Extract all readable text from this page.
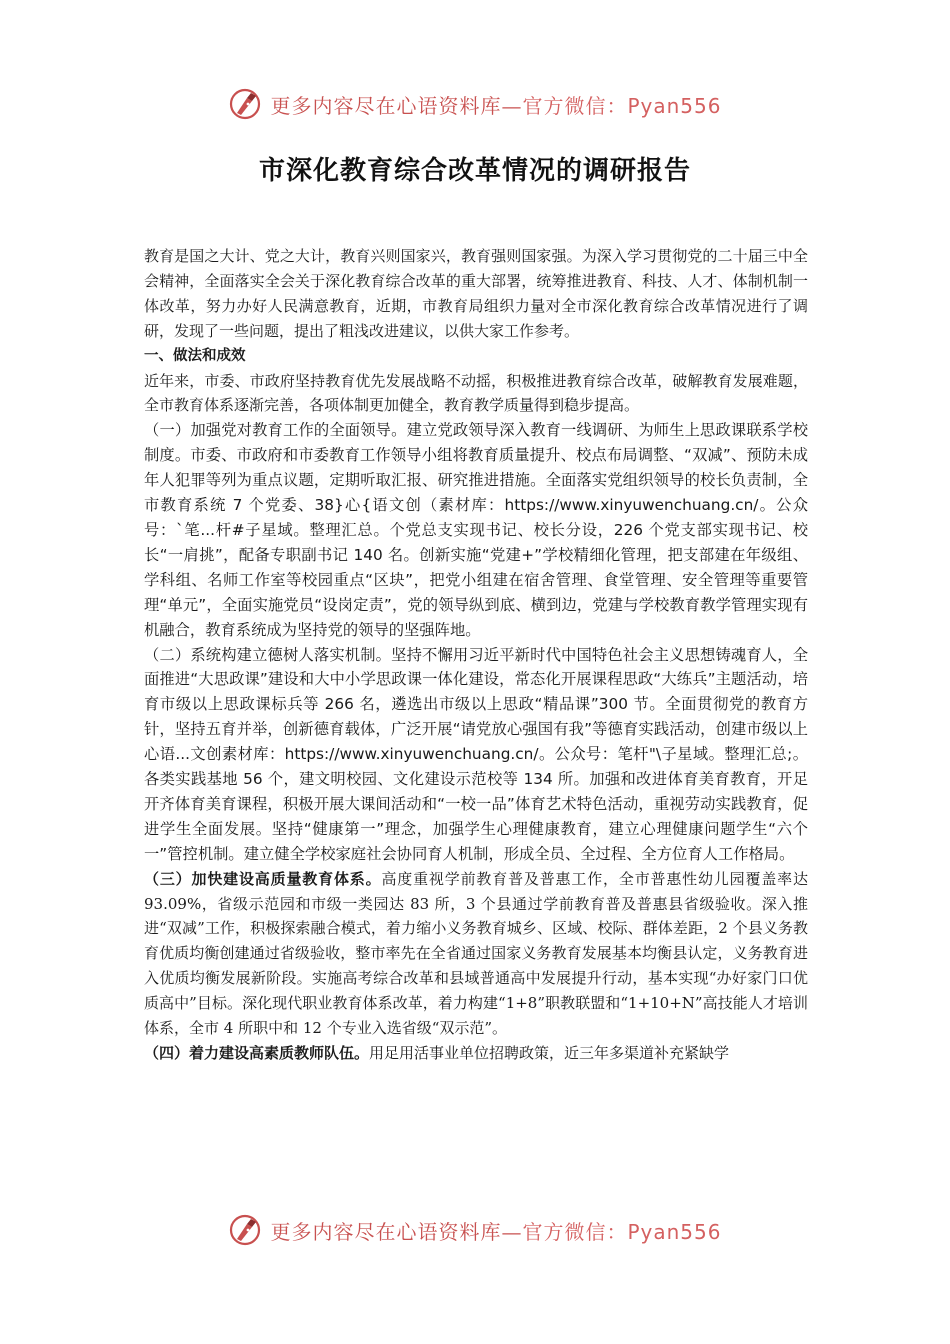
更多内容尽在心语资料库—官方微信：Pyan556
市深化教育综合改革情况的调研报告

教育是国之大计、党之大计，教育兴则国家兴，教育强则国家强。为深入学习贯彻党的二十届三中全会精神，全面落实全会关于深化教育综合改革的重大部署，统筹推进教育、科技、人才、体制机制一体改革，努力办好人民满意教育，近期，市教育局组织力量对全市深化教育综合改革情况进行了调研，发现了一些问题，提出了粗浅改进建议，以供大家工作参考。

一、做法和成效

近年来，市委、市政府坚持教育优先发展战略不动摇，积极推进教育综合改革，破解教育发展难题，全市教育体系逐渐完善，各项体制更加健全，教育教学质量得到稳步提高。

（一）加强党对教育工作的全面领导。建立党政领导深入教育一线调研、为师生上思政课联系学校制度。市委、市政府和市委教育工作领导小组将教育质量提升、校点布局调整、“双减”、预防未成年人犯罪等列为重点议题，定期听取汇报、研究推进措施。全面落实党组织领导的校长负责制，全市教育系统 7 个党委、38}心{语文创（素材库：https://www.xinyuwenchuang.cn/。公众号：`笔...杆#子星域。整理汇总。个党总支实现书记、校长分设，226 个党支部实现书记、校长“一肩挑”，配备专职副书记 140 名。创新实施“党建+”学校精细化管理，把支部建在年级组、学科组、名师工作室等校园重点“区块”，把党小组建在宿舍管理、食堂管理、安全管理等重要管理“单元”，全面实施党员“设岗定责”，党的领导纵到底、横到边，党建与学校教育教学管理实现有机融合，教育系统成为坚持党的领导的坚强阵地。

（二）系统构建立德树人落实机制。坚持不懈用习近平新时代中国特色社会主义思想铸魂育人，全面推进“大思政课”建设和大中小学思政课一体化建设，常态化开展课程思政“大练兵”主题活动，培育市级以上思政课标兵等 266 名，遴选出市级以上思政“精品课”300 节。全面贯彻党的教育方针，坚持五育并举，创新德育载体，广泛开展“请党放心强国有我”等德育实践活动，创建市级以上心语...文创素材库：https://www.xinyuwenchuang.cn/。公众号：笔杆"\子星域。整理汇总;。各类实践基地 56 个，建文明校园、文化建设示范校等 134 所。加强和改进体育美育教育，开足开齐体育美育课程，积极开展大课间活动和“一校一品”体育艺术特色活动，重视劳动实践教育，促进学生全面发展。坚持“健康第一”理念，加强学生心理健康教育，建立心理健康问题学生“六个一”管控机制。建立健全学校家庭社会协同育人机制，形成全员、全过程、全方位育人工作格局。

（三）加快建设高质量教育体系。高度重视学前教育普及普惠工作，全市普惠性幼儿园覆盖率达 93.09%，省级示范园和市级一类园达 83 所，3 个县通过学前教育普及普惠县省级验收。深入推进“双减”工作，积极探索融合模式，着力缩小义务教育城乡、区域、校际、群体差距，2 个县义务教育优质均衡创建通过省级验收，整市率先在全省通过国家义务教育发展基本均衡县认定，义务教育进入优质均衡发展新阶段。实施高考综合改革和县域普通高中发展提升行动，基本实现“办好家门口优质高中”目标。深化现代职业教育体系改革，着力构建“1+8”职教联盟和“1+10+N”高技能人才培训体系，全市 4 所职中和 12 个专业入选省级“双示范”。

（四）着力建设高素质教师队伍。用足用活事业单位招聘政策，近三年多渠道补充紧缺学

更多内容尽在心语资料库—官方微信：Pyan556
